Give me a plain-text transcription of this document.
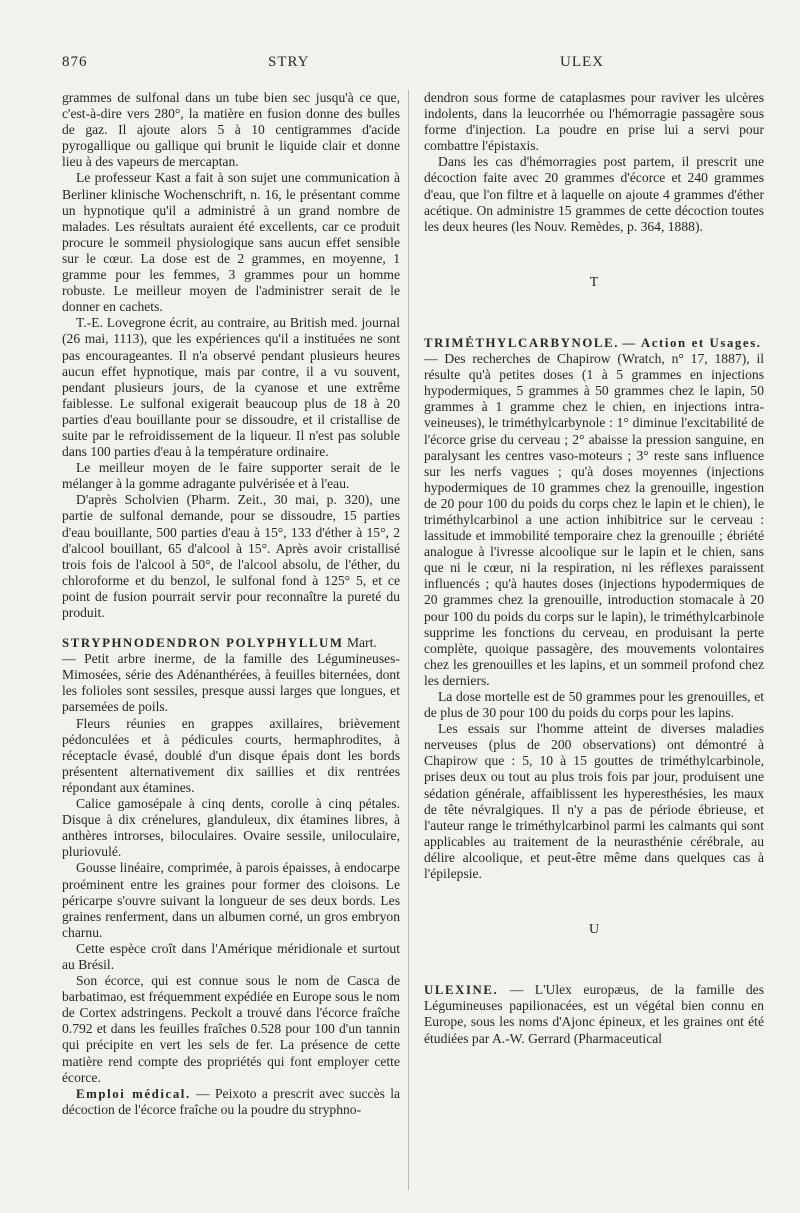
876	STRY	ULEX

grammes de sulfonal dans un tube bien sec jusqu'à ce que, c'est-à-dire vers 280°, la matière en fusion donne des bulles de gaz. Il ajoute alors 5 à 10 centigrammes d'acide pyrogallique ou gallique qui brunit le liquide clair et donne lieu à des vapeurs de mercaptan.

Le professeur Kast a fait à son sujet une communication à Berliner klinische Wochenschrift, n. 16, le présentant comme un hypnotique qu'il a administré à un grand nombre de malades. Les résultats auraient été excellents, car ce produit procure le sommeil physiologique sans aucun effet sensible sur le cœur. La dose est de 2 grammes, en moyenne, 1 gramme pour les femmes, 3 grammes pour un homme robuste. Le meilleur moyen de l'administrer serait de le donner en cachets.

T.-E. Lovegrone écrit, au contraire, au British med. journal (26 mai, 1113), que les expériences qu'il a instituées ne sont pas encourageantes. Il n'a observé pendant plusieurs heures aucun effet hypnotique, mais par contre, il a vu souvent, pendant plusieurs jours, de la cyanose et une extrême faiblesse. Le sulfonal exigerait beaucoup plus de 18 à 20 parties d'eau bouillante pour se dissoudre, et il cristallise de suite par le refroidissement de la liqueur. Il n'est pas soluble dans 100 parties d'eau à la température ordinaire.

Le meilleur moyen de le faire supporter serait de le mélanger à la gomme adragante pulvérisée et à l'eau.

D'après Scholvien (Pharm. Zeit., 30 mai, p. 320), une partie de sulfonal demande, pour se dissoudre, 15 parties d'eau bouillante, 500 parties d'eau à 15°, 133 d'éther à 15°, 2 d'alcool bouillant, 65 d'alcool à 15°. Après avoir cristallisé trois fois de l'alcool à 50°, de l'alcool absolu, de l'éther, du chloroforme et du benzol, le sulfonal fond à 125° 5, et ce point de fusion pourrait servir pour reconnaître la pureté du produit.

STRYPHNODENDRON POLYPHYLLUM Mart.

— Petit arbre inerme, de la famille des Légumineuses-Mimosées, série des Adénanthérées, à feuilles biternées, dont les folioles sont sessiles, presque aussi larges que longues, et parsemées de poils.

Fleurs réunies en grappes axillaires, brièvement pédonculées et à pédicules courts, hermaphrodites, à réceptacle évasé, doublé d'un disque épais dont les bords présentent alternativement dix saillies et dix rentrées répondant aux étamines.

Calice gamosépale à cinq dents, corolle à cinq pétales. Disque à dix crénelures, glanduleux, dix étamines libres, à anthères introrses, biloculaires. Ovaire sessile, uniloculaire, pluriovulé.

Gousse linéaire, comprimée, à parois épaisses, à endocarpe proéminent entre les graines pour former des cloisons. Le péricarpe s'ouvre suivant la longueur de ses deux bords. Les graines renferment, dans un albumen corné, un gros embryon charnu.

Cette espèce croît dans l'Amérique méridionale et surtout au Brésil.

Son écorce, qui est connue sous le nom de Casca de barbatimao, est fréquemment expédiée en Europe sous le nom de Cortex adstringens. Peckolt a trouvé dans l'écorce fraîche 0.792 et dans les feuilles fraîches 0.528 pour 100 d'un tannin qui précipite en vert les sels de fer. La présence de cette matière rend compte des propriétés qui font employer cette écorce.

Emploi médical. — Peixoto a prescrit avec succès la décoction de l'écorce fraîche ou la poudre du stryphno-

dendron sous forme de cataplasmes pour raviver les ulcères indolents, dans la leucorrhée ou l'hémorragie passagère sous forme d'injection. La poudre en prise lui a servi pour combattre l'épistaxis.

Dans les cas d'hémorragies post partem, il prescrit une décoction faite avec 20 grammes d'écorce et 240 grammes d'eau, que l'on filtre et à laquelle on ajoute 4 grammes d'éther acétique. On administre 15 grammes de cette décoction toutes les deux heures (les Nouv. Remèdes, p. 364, 1888).

T

TRIMÉTHYLCARBYNOLE. — Action et Usages.

— Des recherches de Chapirow (Wratch, n° 17, 1887), il résulte qu'à petites doses (1 à 5 grammes en injections hypodermiques, 5 grammes à 50 grammes chez le lapin, 50 grammes à 1 gramme chez le chien, en injections intra-veineuses), le triméthylcarbynole : 1° diminue l'excitabilité de l'écorce grise du cerveau ; 2° abaisse la pression sanguine, en paralysant les centres vaso-moteurs ; 3° reste sans influence sur les nerfs vagues ; qu'à doses moyennes (injections hypodermiques de 10 grammes chez la grenouille, ingestion de 20 pour 100 du poids du corps chez le lapin et le chien), le triméthylcarbinol a une action inhibitrice sur le cerveau : lassitude et immobilité temporaire chez la grenouille ; ébriété analogue à l'ivresse alcoolique sur le lapin et le chien, sans que ni le cœur, ni la respiration, ni les réflexes paraissent influencés ; qu'à hautes doses (injections hypodermiques de 20 grammes chez la grenouille, introduction stomacale à 20 pour 100 du poids du corps sur le lapin), le triméthylcarbinole supprime les fonctions du cerveau, en produisant la perte complète, quoique passagère, des mouvements volontaires chez les grenouilles et les lapins, et un sommeil profond chez les derniers.

La dose mortelle est de 50 grammes pour les grenouilles, et de plus de 30 pour 100 du poids du corps pour les lapins.

Les essais sur l'homme atteint de diverses maladies nerveuses (plus de 200 observations) ont démontré à Chapirow que : 5, 10 à 15 gouttes de triméthylcarbinole, prises deux ou tout au plus trois fois par jour, produisent une sédation générale, affaiblissent les hyperesthésies, les maux de tête névralgiques. Il n'y a pas de période ébrieuse, et l'auteur range le triméthylcarbinol parmi les calmants qui sont applicables au traitement de la neurasthénie cérébrale, au délire alcoolique, et peut-être même dans quelques cas à l'épilepsie.

U

ULEXINE. — L'Ulex europæus, de la famille des Légumineuses papilionacées, est un végétal bien connu en Europe, sous les noms d'Ajonc épineux, et les graines ont été étudiées par A.-W. Gerrard (Pharmaceutical
